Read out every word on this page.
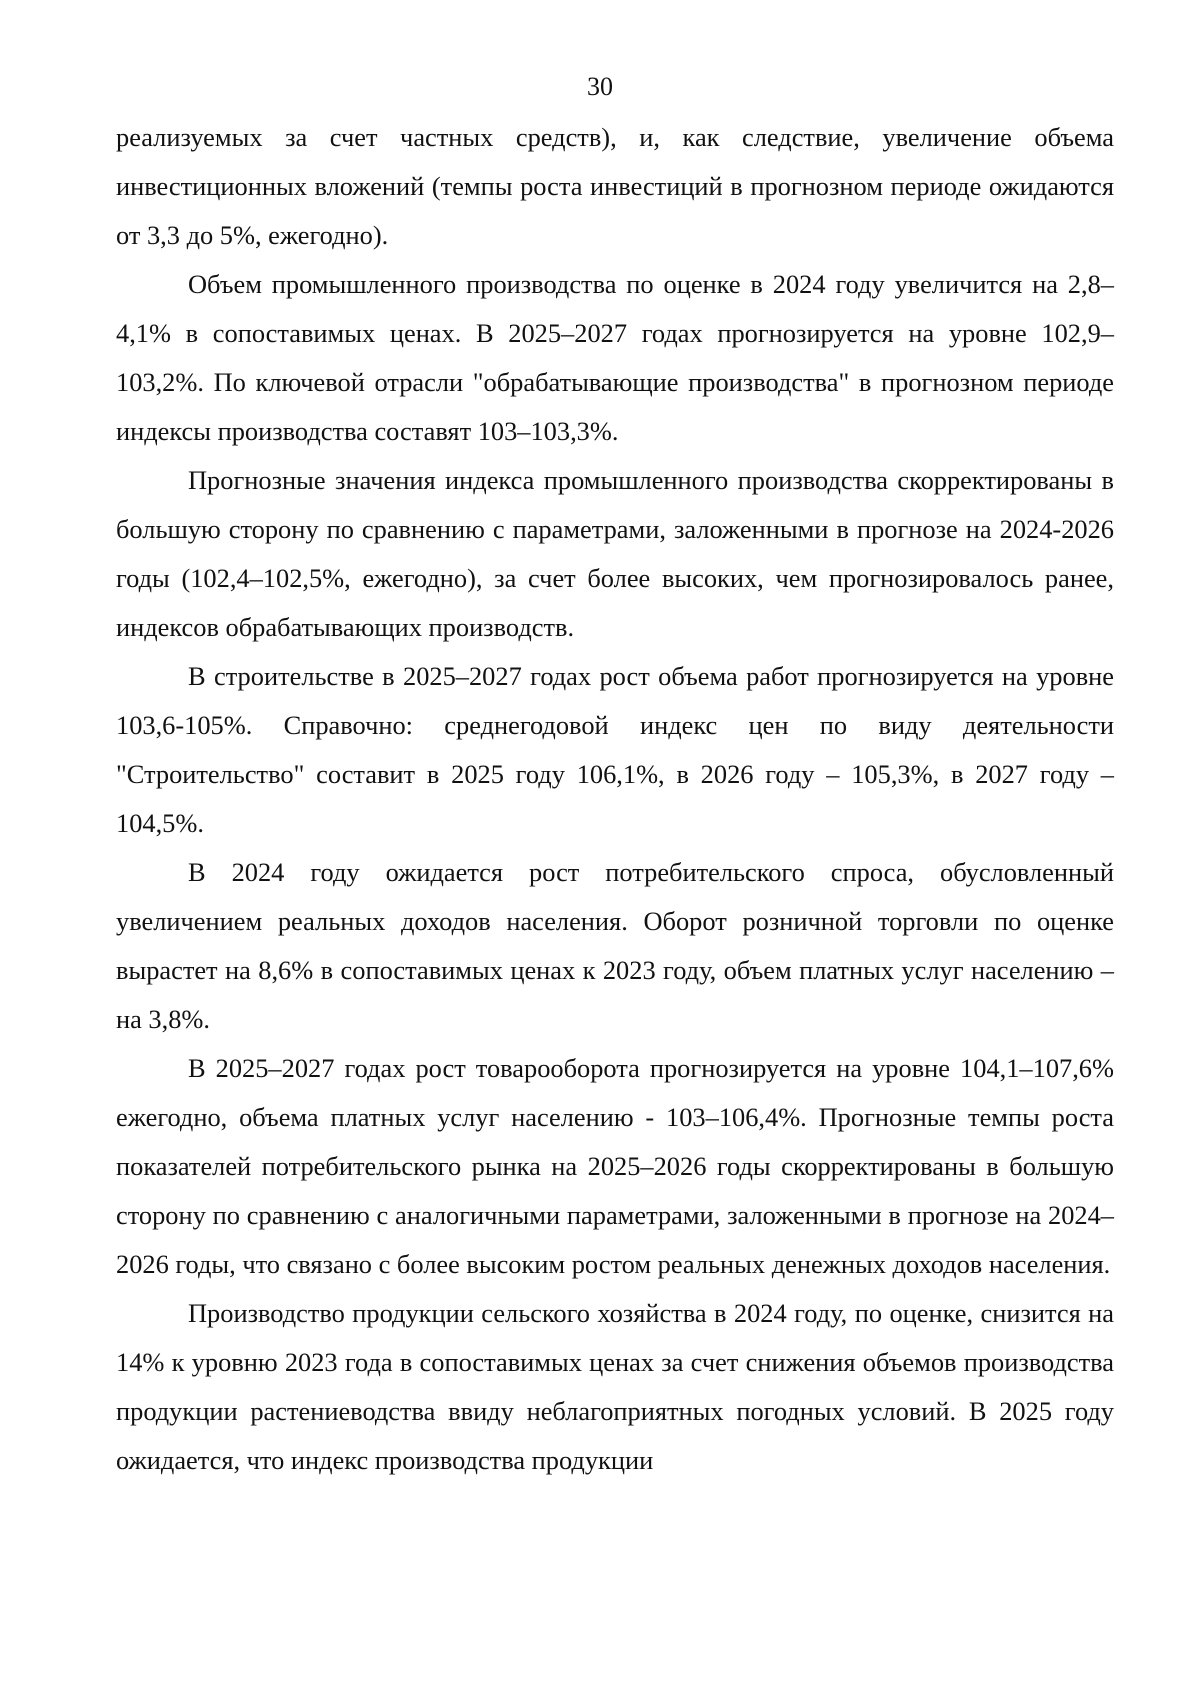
30

реализуемых за счет частных средств), и, как следствие, увеличение объема инвестиционных вложений (темпы роста инвестиций в прогнозном периоде ожидаются от 3,3 до 5%, ежегодно).

Объем промышленного производства по оценке в 2024 году увеличится на 2,8–4,1% в сопоставимых ценах. В 2025–2027 годах прогнозируется на уровне 102,9–103,2%. По ключевой отрасли "обрабатывающие производства" в прогнозном периоде индексы производства составят 103–103,3%.

Прогнозные значения индекса промышленного производства скорректированы в большую сторону по сравнению с параметрами, заложенными в прогнозе на 2024-2026 годы (102,4–102,5%, ежегодно), за счет более высоких, чем прогнозировалось ранее, индексов обрабатывающих производств.

В строительстве в 2025–2027 годах рост объема работ прогнозируется на уровне 103,6-105%. Справочно: среднегодовой индекс цен по виду деятельности "Строительство" составит в 2025 году 106,1%, в 2026 году – 105,3%, в 2027 году – 104,5%.

В 2024 году ожидается рост потребительского спроса, обусловленный увеличением реальных доходов населения. Оборот розничной торговли по оценке вырастет на 8,6% в сопоставимых ценах к 2023 году, объем платных услуг населению – на 3,8%.

В 2025–2027 годах рост товарооборота прогнозируется на уровне 104,1–107,6% ежегодно, объема платных услуг населению - 103–106,4%. Прогнозные темпы роста показателей потребительского рынка на 2025–2026 годы скорректированы в большую сторону по сравнению с аналогичными параметрами, заложенными в прогнозе на 2024–2026 годы, что связано с более высоким ростом реальных денежных доходов населения.

Производство продукции сельского хозяйства в 2024 году, по оценке, снизится на 14% к уровню 2023 года в сопоставимых ценах за счет снижения объемов производства продукции растениеводства ввиду неблагоприятных погодных условий. В 2025 году ожидается, что индекс производства продукции
